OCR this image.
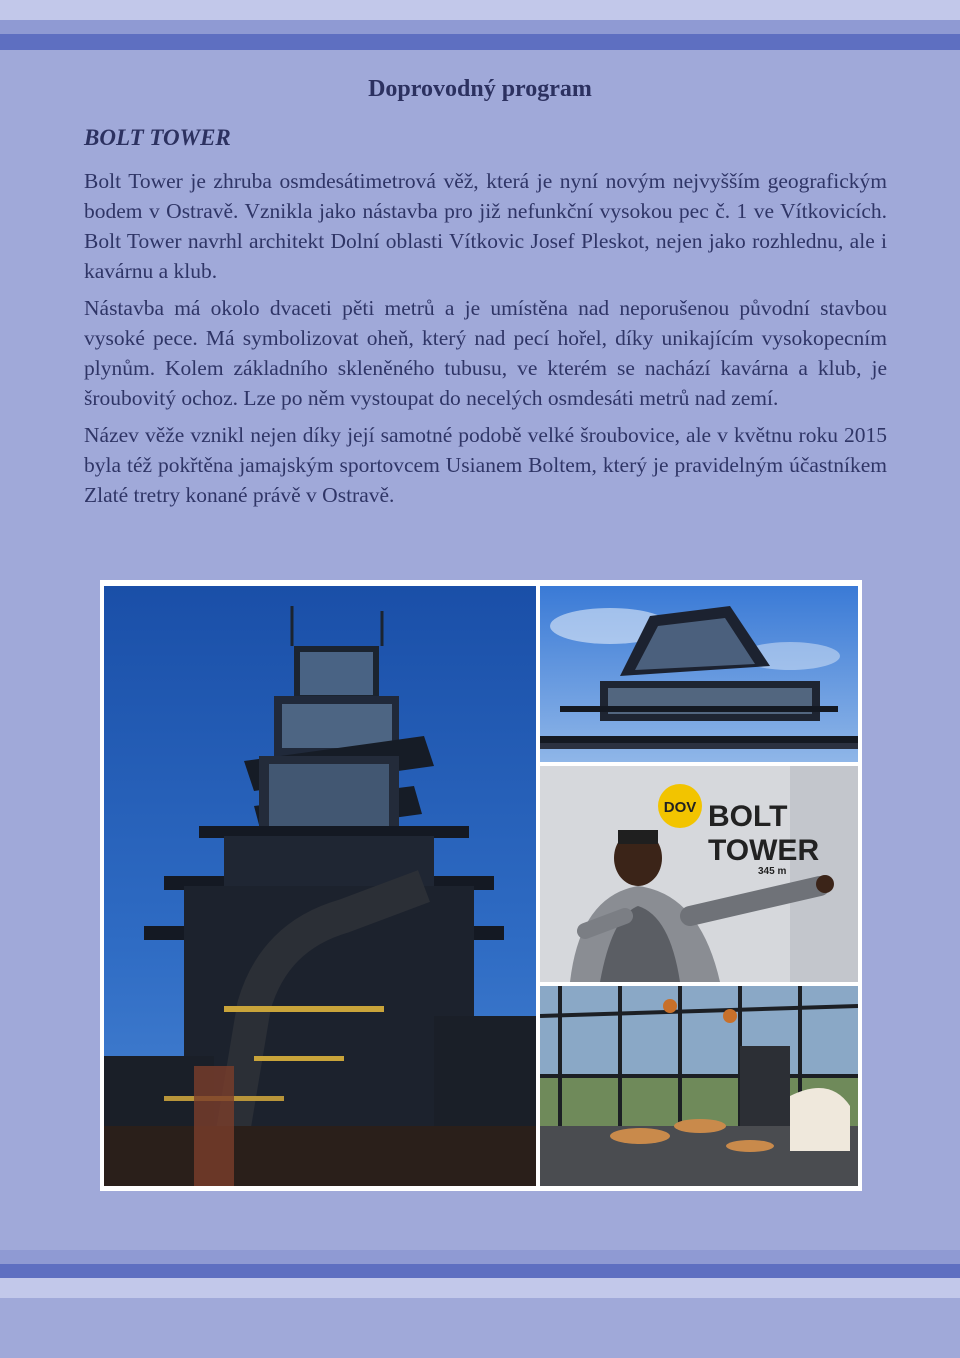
Doprovodný program
BOLT TOWER

Bolt Tower je zhruba osmdesátimetrová věž, která je nyní novým nejvyšším geografickým bodem v Ostravě. Vznikla jako nástavba pro již nefunkční vysokou pec č. 1 ve Vítkovicích. Bolt Tower navrhl architekt Dolní oblasti Vítkovic Josef Pleskot, nejen jako rozhlednu, ale i kavárnu a klub.

Nástavba má okolo dvaceti pěti metrů a je umístěna nad neporušenou původní stavbou vysoké pece. Má symbolizovat oheň, který nad pecí hořel, díky unikajícím vysokopecním plynům. Kolem základního skleněného tubusu, ve kterém se nachází kavárna a klub, je šroubovitý ochoz. Lze po něm vystoupat do necelých osmdesáti metrů nad zemí.

Název věže vznikl nejen díky její samotné podobě velké šroubovice, ale v květnu roku 2015 byla též pokřtěna jamajským sportovcem Usianem Boltem, který je pravidelným účastníkem Zlaté tretry konané právě v Ostravě.

DOV BOLT
TOWER
345 m
